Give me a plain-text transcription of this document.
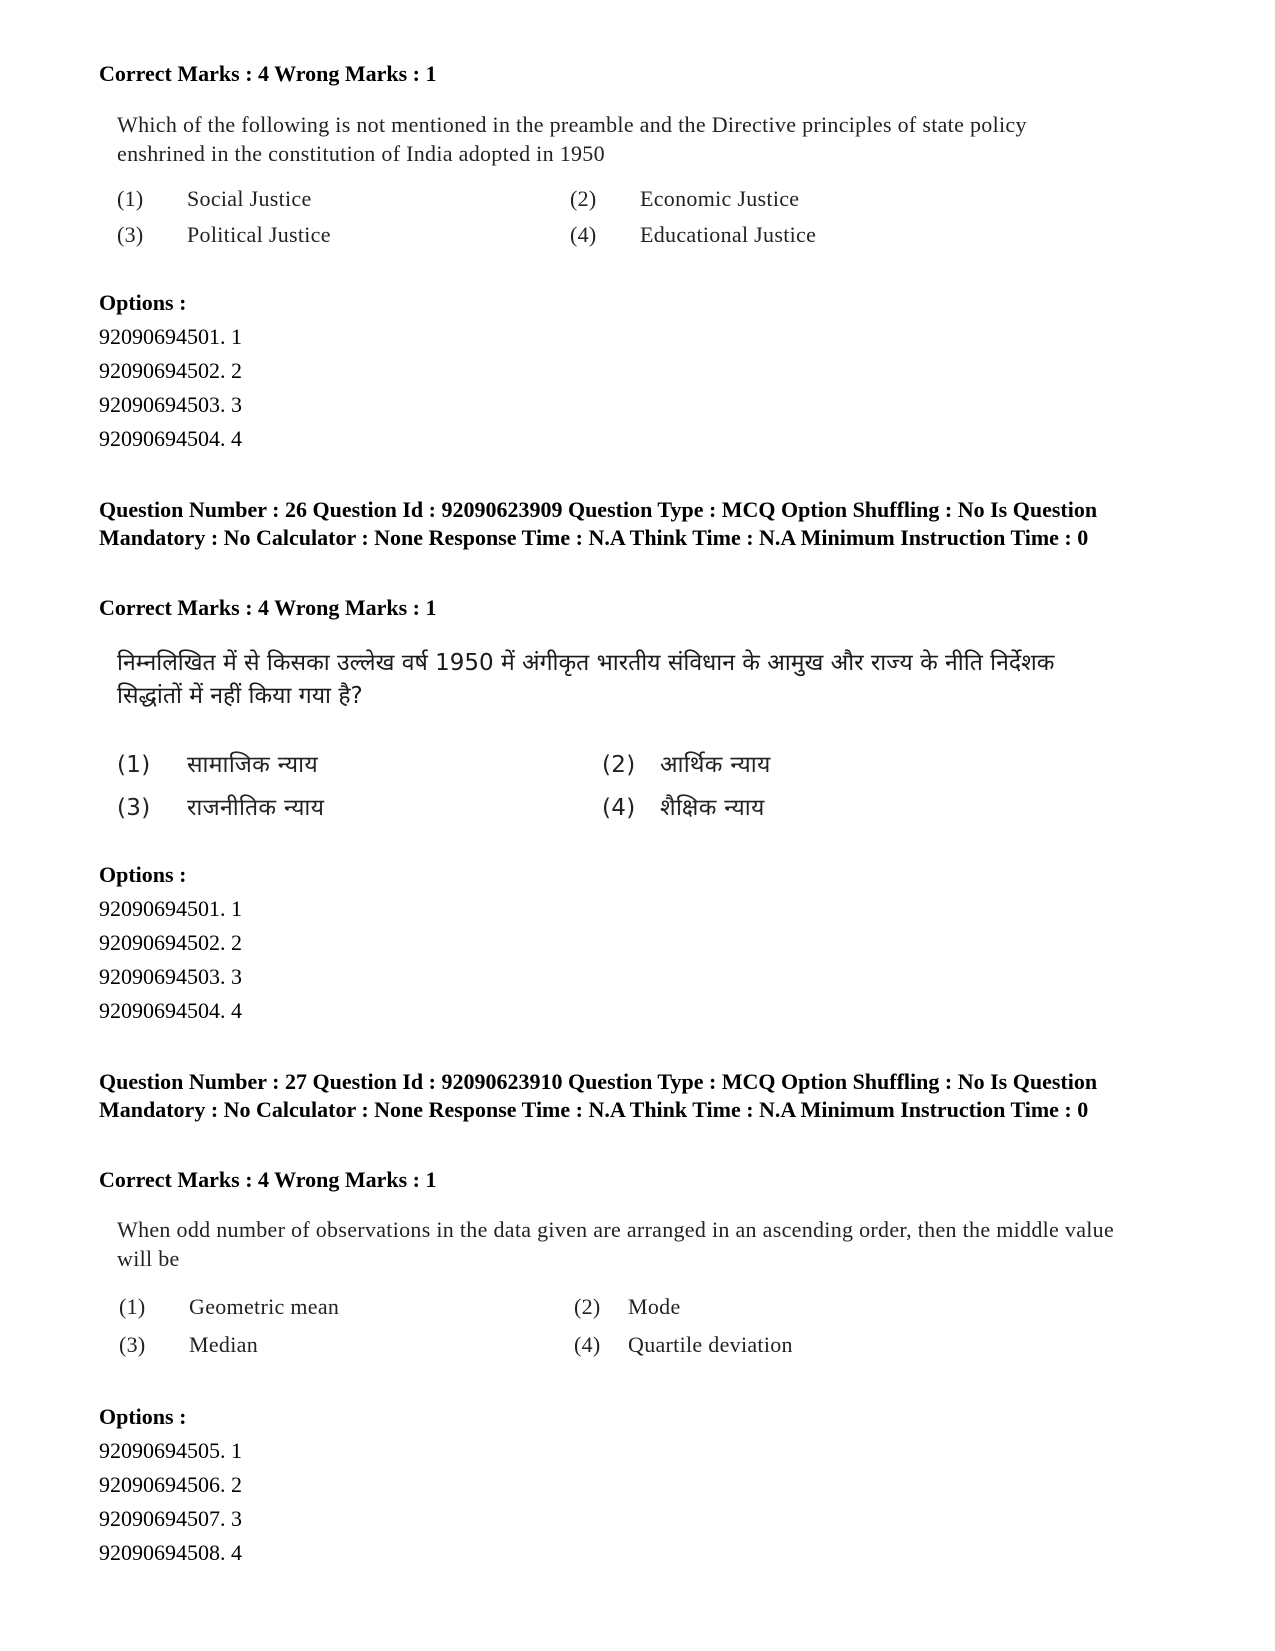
Correct Marks : 4 Wrong Marks : 1
Which of the following is not mentioned in the preamble and the Directive principles of state policy enshrined in the constitution of India adopted in 1950
(1) Social Justice	(2) Economic Justice
(3) Political Justice	(4) Educational Justice
Options :
92090694501. 1
92090694502. 2
92090694503. 3
92090694504. 4
Question Number : 26 Question Id : 92090623909 Question Type : MCQ Option Shuffling : No Is Question Mandatory : No Calculator : None Response Time : N.A Think Time : N.A Minimum Instruction Time : 0
Correct Marks : 4 Wrong Marks : 1
निम्नलिखित में से किसका उल्लेख वर्ष 1950 में अंगीकृत भारतीय संविधान के आमुख और राज्य के नीति निर्देशक सिद्धांतों में नहीं किया गया है?
(1) सामाजिक न्याय	(2) आर्थिक न्याय
(3) राजनीतिक न्याय	(4) शैक्षिक न्याय
Options :
92090694501. 1
92090694502. 2
92090694503. 3
92090694504. 4
Question Number : 27 Question Id : 92090623910 Question Type : MCQ Option Shuffling : No Is Question Mandatory : No Calculator : None Response Time : N.A Think Time : N.A Minimum Instruction Time : 0
Correct Marks : 4 Wrong Marks : 1
When odd number of observations in the data given are arranged in an ascending order, then the middle value will be
(1) Geometric mean	(2) Mode
(3) Median	(4) Quartile deviation
Options :
92090694505. 1
92090694506. 2
92090694507. 3
92090694508. 4
